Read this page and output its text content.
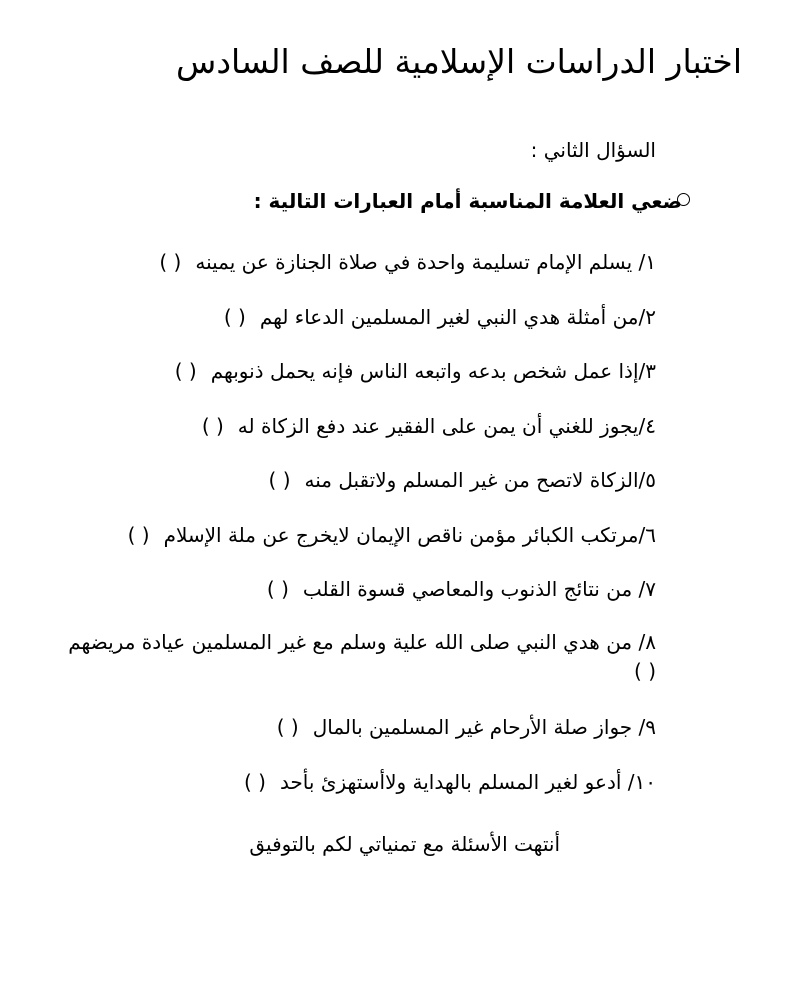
اختبار الدراسات الإسلامية للصف السادس
السؤال الثاني :
ضعي العلامة المناسبة أمام العبارات التالية :
١/ يسلم الإمام تسليمة واحدة في صلاة الجنازة عن يمينه( )
٢/من أمثلة هدي النبي لغير المسلمين الدعاء لهم( )
٣/إذا عمل شخص بدعه واتبعه الناس فإنه يحمل ذنوبهم( )
٤/يجوز للغني أن يمن على الفقير عند دفع الزكاة له( )
٥/الزكاة لاتصح من غير المسلم ولاتقبل منه( )
٦/مرتكب الكبائر مؤمن ناقص الإيمان لايخرج عن ملة الإسلام( )
٧/ من نتائج الذنوب والمعاصي قسوة القلب( )
٨/ من هدي النبي صلى الله علية وسلم مع غير المسلمين عيادة مريضهم ( )
٩/ جواز صلة الأرحام غير المسلمين بالمال( )
١٠/ أدعو لغير المسلم بالهداية ولاأستهزئ بأحد( )
أنتهت الأسئلة مع تمنياتي لكم بالتوفيق
